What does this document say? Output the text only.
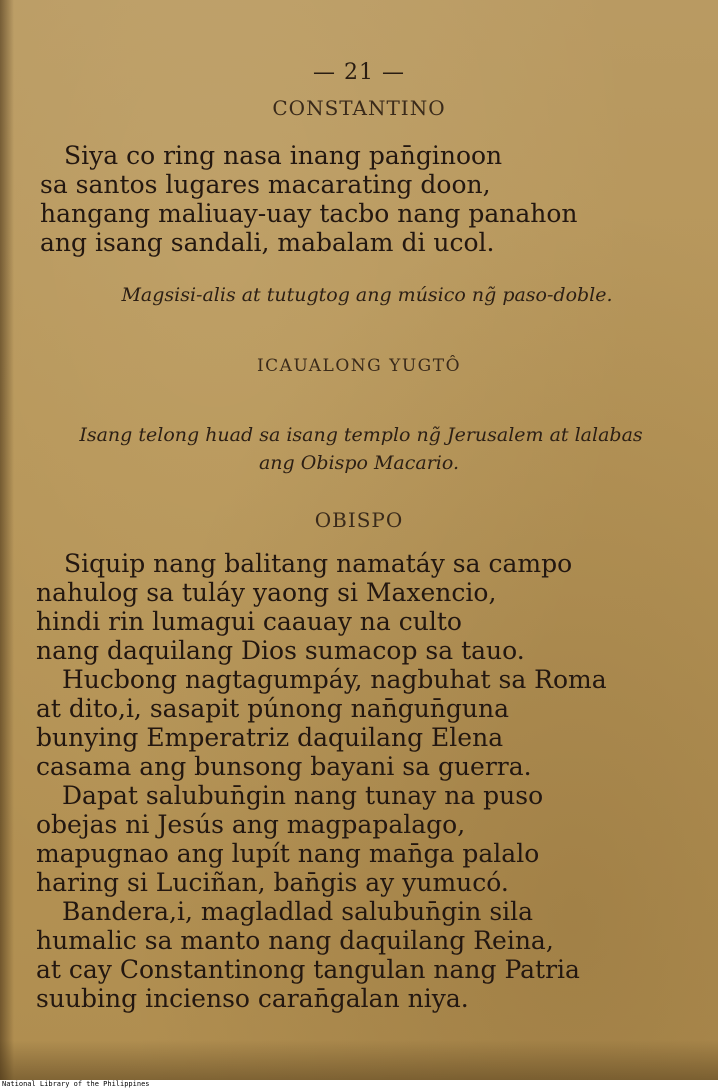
— 21 —
CONSTANTINO
Siya co ring nasa inang pan̄ginoon
sa santos lugares macarating doon,
hangang maliuay-uay tacbo nang panahon
ang isang sandali, mabalam di ucol.
Magsisi-alis at tutugtog ang músico ng̃ paso-doble.
ICAUALONG YUGTÔ
Isang telong huad sa isang templo ng̃ Jerusalem at lalabas
ang Obispo Macario.
OBISPO
Siquip nang balitang namatáy sa campo
nahulog sa tuláy yaong si Maxencio,
hindi rin lumagui caauay na culto
nang daquilang Dios sumacop sa tauo.
Hucbong nagtagumpáy, nagbuhat sa Roma
at dito,i, sasapit púnong nan̄gun̄guna
bunying Emperatriz daquilang Elena
casama ang bunsong bayani sa guerra.
Dapat salubun̄gin nang tunay na puso
obejas ni Jesús ang magpapalago,
mapugnao ang lupít nang man̄ga palalo
haring si Luciñan, ban̄gis ay yumucó.
Bandera,i, magladlad salubun̄gin sila
humalic sa manto nang daquilang Reina,
at cay Constantinong tangulan nang Patria
suubing incienso caran̄galan niya.
National Library of the Philippines
